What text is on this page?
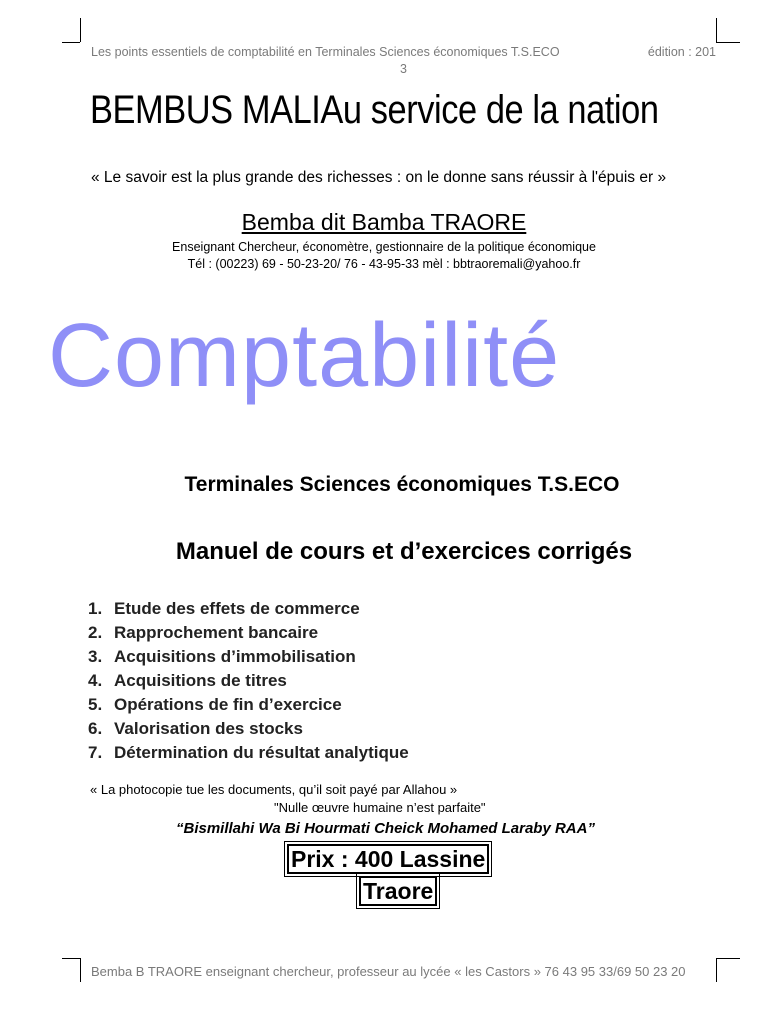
Les points essentiels de comptabilité en Terminales Sciences économiques T.S.ECO	édition : 201
3
BEMBUS MALIAu service de la nation
« Le savoir est la plus grande des richesses : on le donne sans réussir à l'épuis er »
Bemba dit Bamba TRAORE
Enseignant Chercheur, économètre, gestionnaire de la politique économique
Tél : (00223) 69 - 50-23-20/ 76 - 43-95-33 mèl : bbtraoremali@yahoo.fr
Comptabilité
Terminales Sciences économiques T.S.ECO
Manuel de cours et d’exercices corrigés
1. Etude des effets de commerce
2. Rapprochement bancaire
3. Acquisitions d’immobilisation
4. Acquisitions de titres
5. Opérations de fin d’exercice
6. Valorisation des stocks
7. Détermination du résultat analytique
« La photocopie tue les documents, qu’il soit payé par Allahou »
"Nulle œuvre humaine n’est parfaite"
“Bismillahi Wa Bi Hourmati Cheick Mohamed Laraby RAA”
Prix : 400 Lassine
Traore
Bemba B TRAORE enseignant chercheur, professeur au lycée « les Castors » 76 43 95 33/69 50 23 20
